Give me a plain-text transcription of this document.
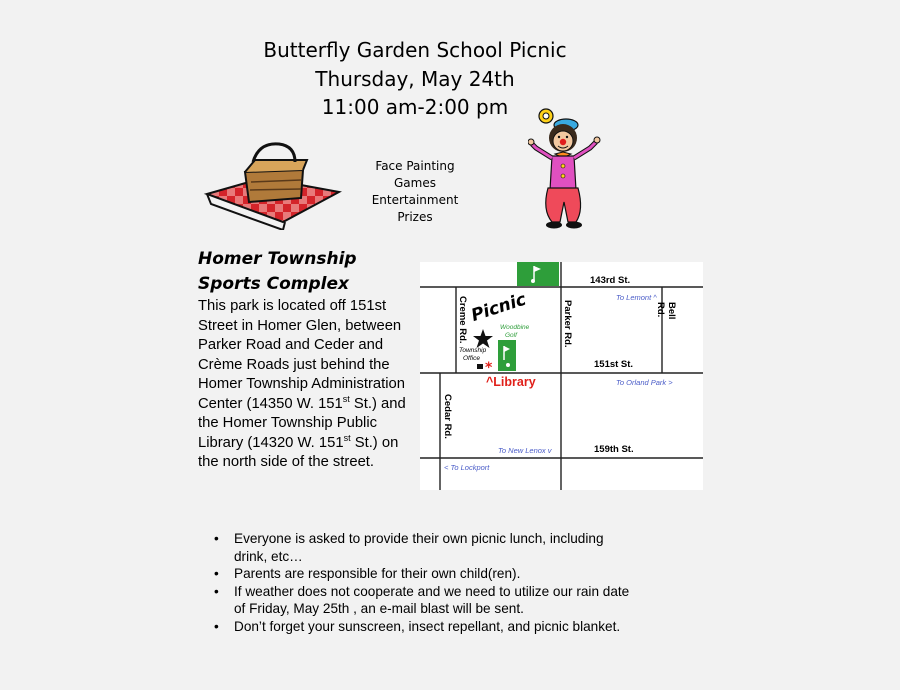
Butterfly Garden School Picnic
Thursday, May 24th
11:00 am-2:00 pm
Face Painting
Games
Entertainment
Prizes
Homer Township
Sports Complex
This park is located off 151st Street in Homer Glen, between Parker Road and Ceder and Crème Roads just behind the Homer Township Administration Center (14350 W. 151st St.) and the Homer Township Public Library (14320 W. 151st St.) on the north side of the street.
*
143rd St.
151st St.
159th St.
Creme Rd.	Parker Rd.	Bell Rd.
Cedar Rd.
To Lemont ^
To Orland Park >
To New Lenox v
< To Lockport
Picnic
Woodbine
Golf
Township
Office
^Library
• Everyone is asked to provide their own picnic lunch, including drink, etc…
• Parents are responsible for their own child(ren).
• If weather does not cooperate and we need to utilize our rain date of Friday, May 25th , an e-mail blast will be sent.
• Don’t forget your sunscreen, insect repellant, and picnic blanket.
